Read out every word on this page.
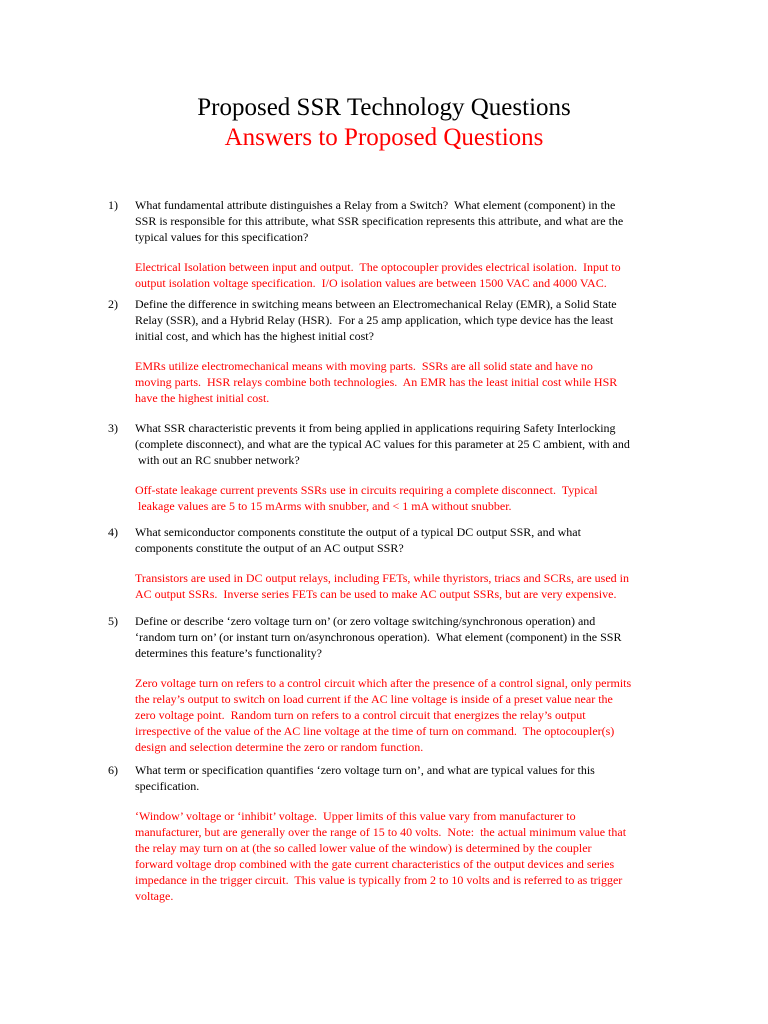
Proposed SSR Technology Questions
Answers to Proposed Questions
1) What fundamental attribute distinguishes a Relay from a Switch?  What element (component) in the
SSR is responsible for this attribute, what SSR specification represents this attribute, and what are the
typical values for this specification?
Electrical Isolation between input and output.  The optocoupler provides electrical isolation.  Input to
output isolation voltage specification.  I/O isolation values are between 1500 VAC and 4000 VAC.
2) Define the difference in switching means between an Electromechanical Relay (EMR), a Solid State
Relay (SSR), and a Hybrid Relay (HSR).  For a 25 amp application, which type device has the least
initial cost, and which has the highest initial cost?
EMRs utilize electromechanical means with moving parts.  SSRs are all solid state and have no
moving parts.  HSR relays combine both technologies.  An EMR has the least initial cost while HSR
have the highest initial cost.
3) What SSR characteristic prevents it from being applied in applications requiring Safety Interlocking
(complete disconnect), and what are the typical AC values for this parameter at 25 C ambient, with and
with out an RC snubber network?
Off-state leakage current prevents SSRs use in circuits requiring a complete disconnect.  Typical
leakage values are 5 to 15 mArms with snubber, and < 1 mA without snubber.
4) What semiconductor components constitute the output of a typical DC output SSR, and what
components constitute the output of an AC output SSR?
Transistors are used in DC output relays, including FETs, while thyristors, triacs and SCRs, are used in
AC output SSRs.  Inverse series FETs can be used to make AC output SSRs, but are very expensive.
5) Define or describe ‘zero voltage turn on’ (or zero voltage switching/synchronous operation) and
‘random turn on’ (or instant turn on/asynchronous operation).  What element (component) in the SSR
determines this feature’s functionality?
Zero voltage turn on refers to a control circuit which after the presence of a control signal, only permits
the relay’s output to switch on load current if the AC line voltage is inside of a preset value near the
zero voltage point.  Random turn on refers to a control circuit that energizes the relay’s output
irrespective of the value of the AC line voltage at the time of turn on command.  The optocoupler(s)
design and selection determine the zero or random function.
6) What term or specification quantifies ‘zero voltage turn on’, and what are typical values for this
specification.
‘Window’ voltage or ‘inhibit’ voltage.  Upper limits of this value vary from manufacturer to
manufacturer, but are generally over the range of 15 to 40 volts.  Note:  the actual minimum value that
the relay may turn on at (the so called lower value of the window) is determined by the coupler
forward voltage drop combined with the gate current characteristics of the output devices and series
impedance in the trigger circuit.  This value is typically from 2 to 10 volts and is referred to as trigger
voltage.
